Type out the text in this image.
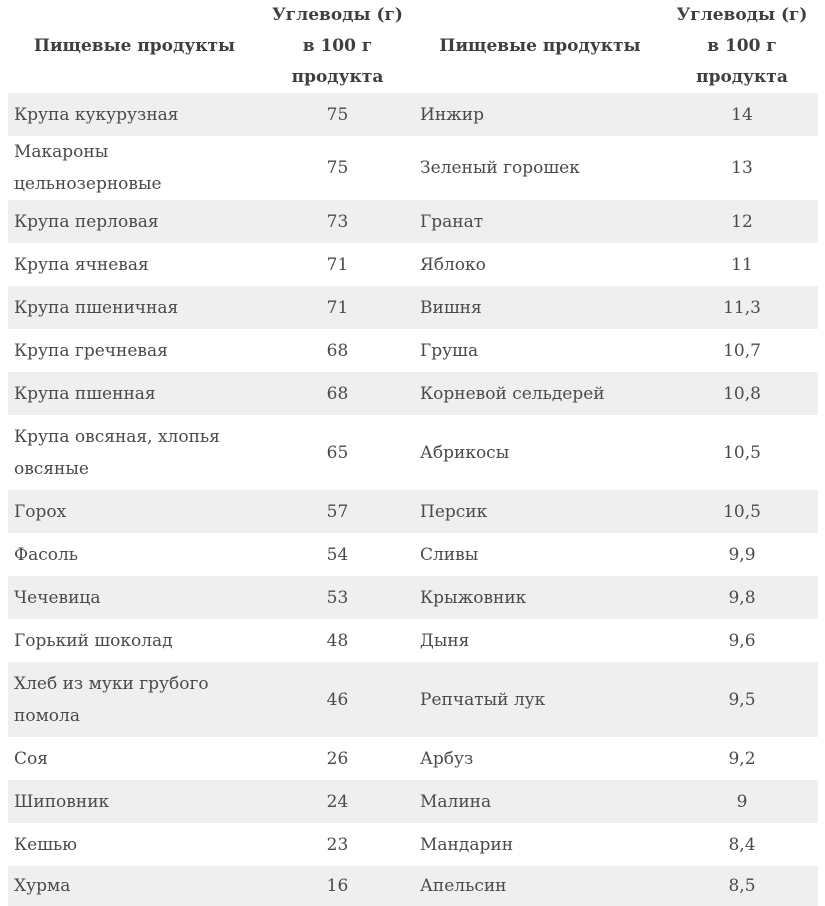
Пищевые продукты	Углеводы (г) в 100 г продукта	Пищевые продукты	Углеводы (г) в 100 г продукта
Крупа кукурузная	75	Инжир	14
Макароны цельнозерновые	75	Зеленый горошек	13
Крупа перловая	73	Гранат	12
Крупа ячневая	71	Яблоко	11
Крупа пшеничная	71	Вишня	11,3
Крупа гречневая	68	Груша	10,7
Крупа пшенная	68	Корневой сельдерей	10,8
Крупа овсяная, хлопья овсяные	65	Абрикосы	10,5
Горох	57	Персик	10,5
Фасоль	54	Сливы	9,9
Чечевица	53	Крыжовник	9,8
Горький шоколад	48	Дыня	9,6
Хлеб из муки грубого помола	46	Репчатый лук	9,5
Соя	26	Арбуз	9,2
Шиповник	24	Малина	9
Кешью	23	Мандарин	8,4
Хурма	16	Апельсин	8,5
